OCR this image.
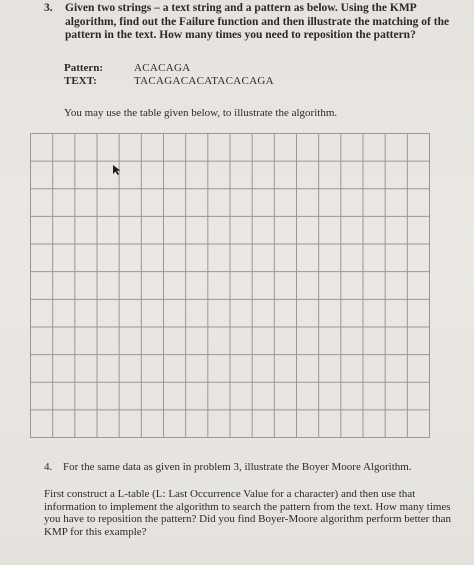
3. Given two strings – a text string and a pattern as below. Using the KMP algorithm, find out the Failure function and then illustrate the matching of the pattern in the text. How many times you need to reposition the pattern?
Pattern:	ACACAGA
TEXT:	TACAGACACATACACAGA
You may use the table given below, to illustrate the algorithm.
4. For the same data as given in problem 3, illustrate the Boyer Moore Algorithm.
First construct a L-table (L: Last Occurrence Value for a character) and then use that information to implement the algorithm to search the pattern from the text. How many times you have to reposition the pattern? Did you find Boyer-Moore algorithm perform better than KMP for this example?
